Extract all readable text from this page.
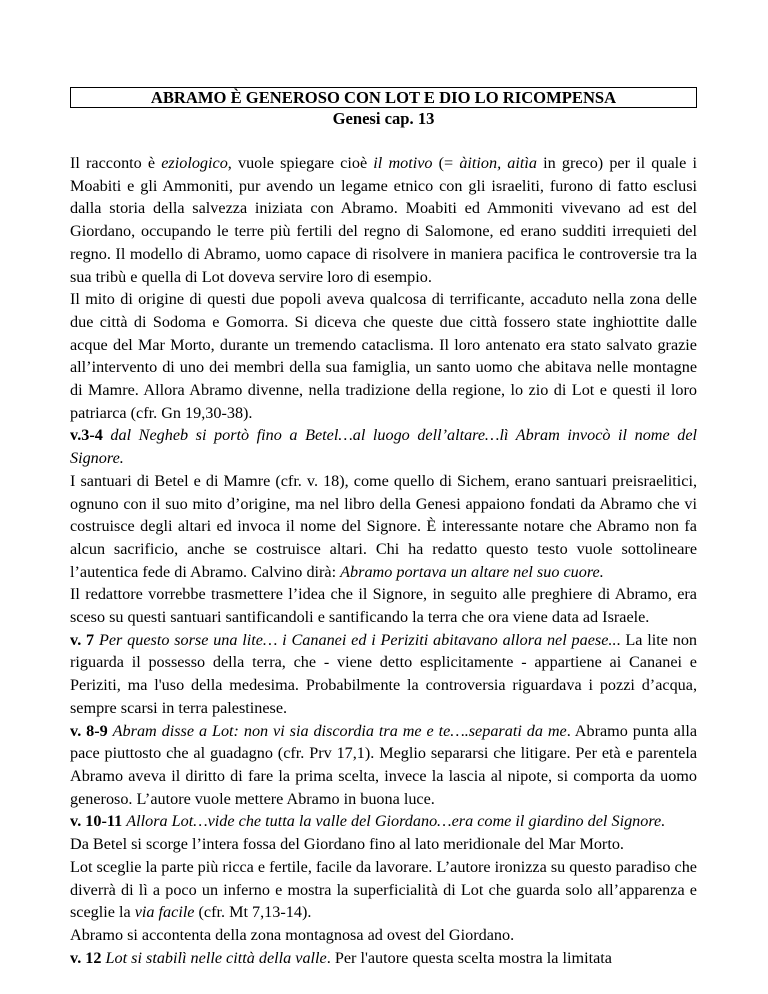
ABRAMO È GENEROSO CON LOT E DIO LO RICOMPENSA
Genesi cap. 13

Il racconto è eziologico, vuole spiegare cioè il motivo (= àition, aitìa in greco) per il quale i Moabiti e gli Ammoniti, pur avendo un legame etnico con gli israeliti, furono di fatto esclusi dalla storia della salvezza iniziata con Abramo. Moabiti ed Ammoniti vivevano ad est del Giordano, occupando le terre più fertili del regno di Salomone, ed erano sudditi irrequieti del regno. Il modello di Abramo, uomo capace di risolvere in maniera pacifica le controversie tra la sua tribù e quella di Lot doveva servire loro di esempio.

Il mito di origine di questi due popoli aveva qualcosa di terrificante, accaduto nella zona delle due città di Sodoma e Gomorra. Si diceva che queste due città fossero state inghiottite dalle acque del Mar Morto, durante un tremendo cataclisma. Il loro antenato era stato salvato grazie all’intervento di uno dei membri della sua famiglia, un santo uomo che abitava nelle montagne di Mamre. Allora Abramo divenne, nella tradizione della regione, lo zio di Lot e questi il loro patriarca (cfr. Gn 19,30-38).

v.3-4 dal Negheb si portò fino a Betel…al luogo dell’altare…lì Abram invocò il nome del Signore.

I santuari di Betel e di Mamre (cfr. v. 18), come quello di Sichem, erano santuari preisraelitici, ognuno con il suo mito d’origine, ma nel libro della Genesi appaiono fondati da Abramo che vi costruisce degli altari ed invoca il nome del Signore. È interessante notare che Abramo non fa alcun sacrificio, anche se costruisce altari. Chi ha redatto questo testo vuole sottolineare l’autentica fede di Abramo. Calvino dirà: Abramo portava un altare nel suo cuore.

Il redattore vorrebbe trasmettere l’idea che il Signore, in seguito alle preghiere di Abramo, era sceso su questi santuari santificandoli e santificando la terra che ora viene data ad Israele.

v. 7 Per questo sorse una lite… i Cananei ed i Periziti abitavano allora nel paese... La lite non riguarda il possesso della terra, che - viene detto esplicitamente - appartiene ai Cananei e Periziti, ma l'uso della medesima. Probabilmente la controversia riguardava i pozzi d’acqua, sempre scarsi in terra palestinese.

v. 8-9 Abram disse a Lot: non vi sia discordia tra me e te….separati da me. Abramo punta alla pace piuttosto che al guadagno (cfr. Prv 17,1). Meglio separarsi che litigare. Per età e parentela Abramo aveva il diritto di fare la prima scelta, invece la lascia al nipote, si comporta da uomo generoso. L’autore vuole mettere Abramo in buona luce.

v. 10-11 Allora Lot…vide che tutta la valle del Giordano…era come il giardino del Signore.

Da Betel si scorge l’intera fossa del Giordano fino al lato meridionale del Mar Morto.

Lot sceglie la parte più ricca e fertile, facile da lavorare. L’autore ironizza su questo paradiso che diverrà di lì a poco un inferno e mostra la superficialità di Lot che guarda solo all’apparenza e sceglie la via facile (cfr. Mt 7,13-14).

Abramo si accontenta della zona montagnosa ad ovest del Giordano.

v. 12 Lot si stabilì nelle città della valle. Per l'autore questa scelta mostra la limitata
